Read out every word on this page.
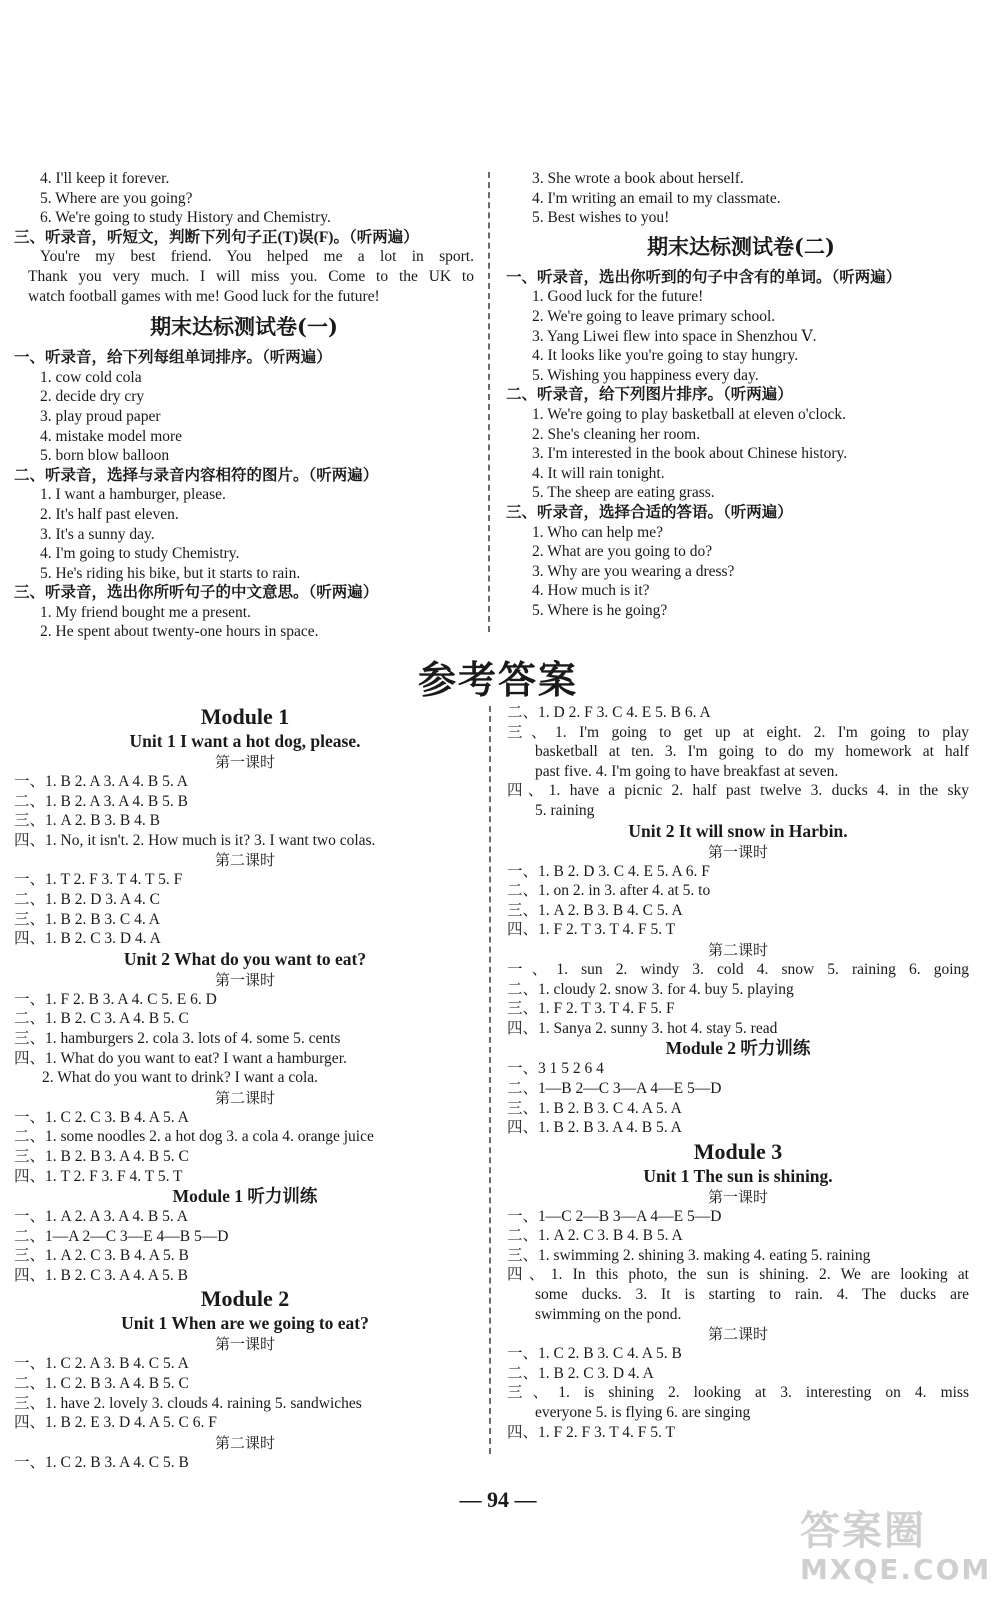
4. I'll keep it forever.
5. Where are you going?
6. We're going to study History and Chemistry.
三、听录音，听短文，判断下列句子正(T)误(F)。（听两遍）
You're my best friend. You helped me a lot in sport.
Thank you very much. I will miss you. Come to the UK to
watch football games with me! Good luck for the future!
期末达标测试卷(一)
一、听录音，给下列每组单词排序。（听两遍）
1. cow cold cola
2. decide dry cry
3. play proud paper
4. mistake model more
5. born blow balloon
二、听录音，选择与录音内容相符的图片。（听两遍）
1. I want a hamburger, please.
2. It's half past eleven.
3. It's a sunny day.
4. I'm going to study Chemistry.
5. He's riding his bike, but it starts to rain.
三、听录音，选出你所听句子的中文意思。（听两遍）
1. My friend bought me a present.
2. He spent about twenty-one hours in space.
3. She wrote a book about herself.
4. I'm writing an email to my classmate.
5. Best wishes to you!
期末达标测试卷(二)
一、听录音，选出你听到的句子中含有的单词。（听两遍）
1. Good luck for the future!
2. We're going to leave primary school.
3. Yang Liwei flew into space in Shenzhou Ⅴ.
4. It looks like you're going to stay hungry.
5. Wishing you happiness every day.
二、听录音，给下列图片排序。（听两遍）
1. We're going to play basketball at eleven o'clock.
2. She's cleaning her room.
3. I'm interested in the book about Chinese history.
4. It will rain tonight.
5. The sheep are eating grass.
三、听录音，选择合适的答语。（听两遍）
1. Who can help me?
2. What are you going to do?
3. Why are you wearing a dress?
4. How much is it?
5. Where is he going?
参考答案
Module 1
Unit 1 I want a hot dog, please.
第一课时
一、1. B 2. A 3. A 4. B 5. A
二、1. B 2. A 3. A 4. B 5. B
三、1. A 2. B 3. B 4. B
四、1. No, it isn't. 2. How much is it? 3. I want two colas.
第二课时
一、1. T 2. F 3. T 4. T 5. F
二、1. B 2. D 3. A 4. C
三、1. B 2. B 3. C 4. A
四、1. B 2. C 3. D 4. A
Unit 2 What do you want to eat?
第一课时
一、1. F 2. B 3. A 4. C 5. E 6. D
二、1. B 2. C 3. A 4. B 5. C
三、1. hamburgers 2. cola 3. lots of 4. some 5. cents
四、1. What do you want to eat? I want a hamburger.
2. What do you want to drink? I want a cola.
第二课时
一、1. C 2. C 3. B 4. A 5. A
二、1. some noodles 2. a hot dog 3. a cola 4. orange juice
三、1. B 2. B 3. A 4. B 5. C
四、1. T 2. F 3. F 4. T 5. T
Module 1 听力训练
一、1. A 2. A 3. A 4. B 5. A
二、1—A 2—C 3—E 4—B 5—D
三、1. A 2. C 3. B 4. A 5. B
四、1. B 2. C 3. A 4. A 5. B
Module 2
Unit 1 When are we going to eat?
第一课时
一、1. C 2. A 3. B 4. C 5. A
二、1. C 2. B 3. A 4. B 5. C
三、1. have 2. lovely 3. clouds 4. raining 5. sandwiches
四、1. B 2. E 3. D 4. A 5. C 6. F
第二课时
一、1. C 2. B 3. A 4. C 5. B
二、1. D 2. F 3. C 4. E 5. B 6. A
三、1. I'm going to get up at eight. 2. I'm going to play
basketball at ten. 3. I'm going to do my homework at half
past five. 4. I'm going to have breakfast at seven.
四、1. have a picnic 2. half past twelve 3. ducks 4. in the sky
5. raining
Unit 2 It will snow in Harbin.
第一课时
一、1. B 2. D 3. C 4. E 5. A 6. F
二、1. on 2. in 3. after 4. at 5. to
三、1. A 2. B 3. B 4. C 5. A
四、1. F 2. T 3. T 4. F 5. T
第二课时
一、1. sun 2. windy 3. cold 4. snow 5. raining 6. going
二、1. cloudy 2. snow 3. for 4. buy 5. playing
三、1. F 2. T 3. T 4. F 5. F
四、1. Sanya 2. sunny 3. hot 4. stay 5. read
Module 2 听力训练
一、3 1 5 2 6 4
二、1—B 2—C 3—A 4—E 5—D
三、1. B 2. B 3. C 4. A 5. A
四、1. B 2. B 3. A 4. B 5. A
Module 3
Unit 1 The sun is shining.
第一课时
一、1—C 2—B 3—A 4—E 5—D
二、1. A 2. C 3. B 4. B 5. A
三、1. swimming 2. shining 3. making 4. eating 5. raining
四、1. In this photo, the sun is shining. 2. We are looking at
some ducks. 3. It is starting to rain. 4. The ducks are
swimming on the pond.
第二课时
一、1. C 2. B 3. C 4. A 5. B
二、1. B 2. C 3. D 4. A
三、1. is shining 2. looking at 3. interesting on 4. miss
everyone 5. is flying 6. are singing
四、1. F 2. F 3. T 4. F 5. T
— 94 —
答案圈
MXQE.COM
